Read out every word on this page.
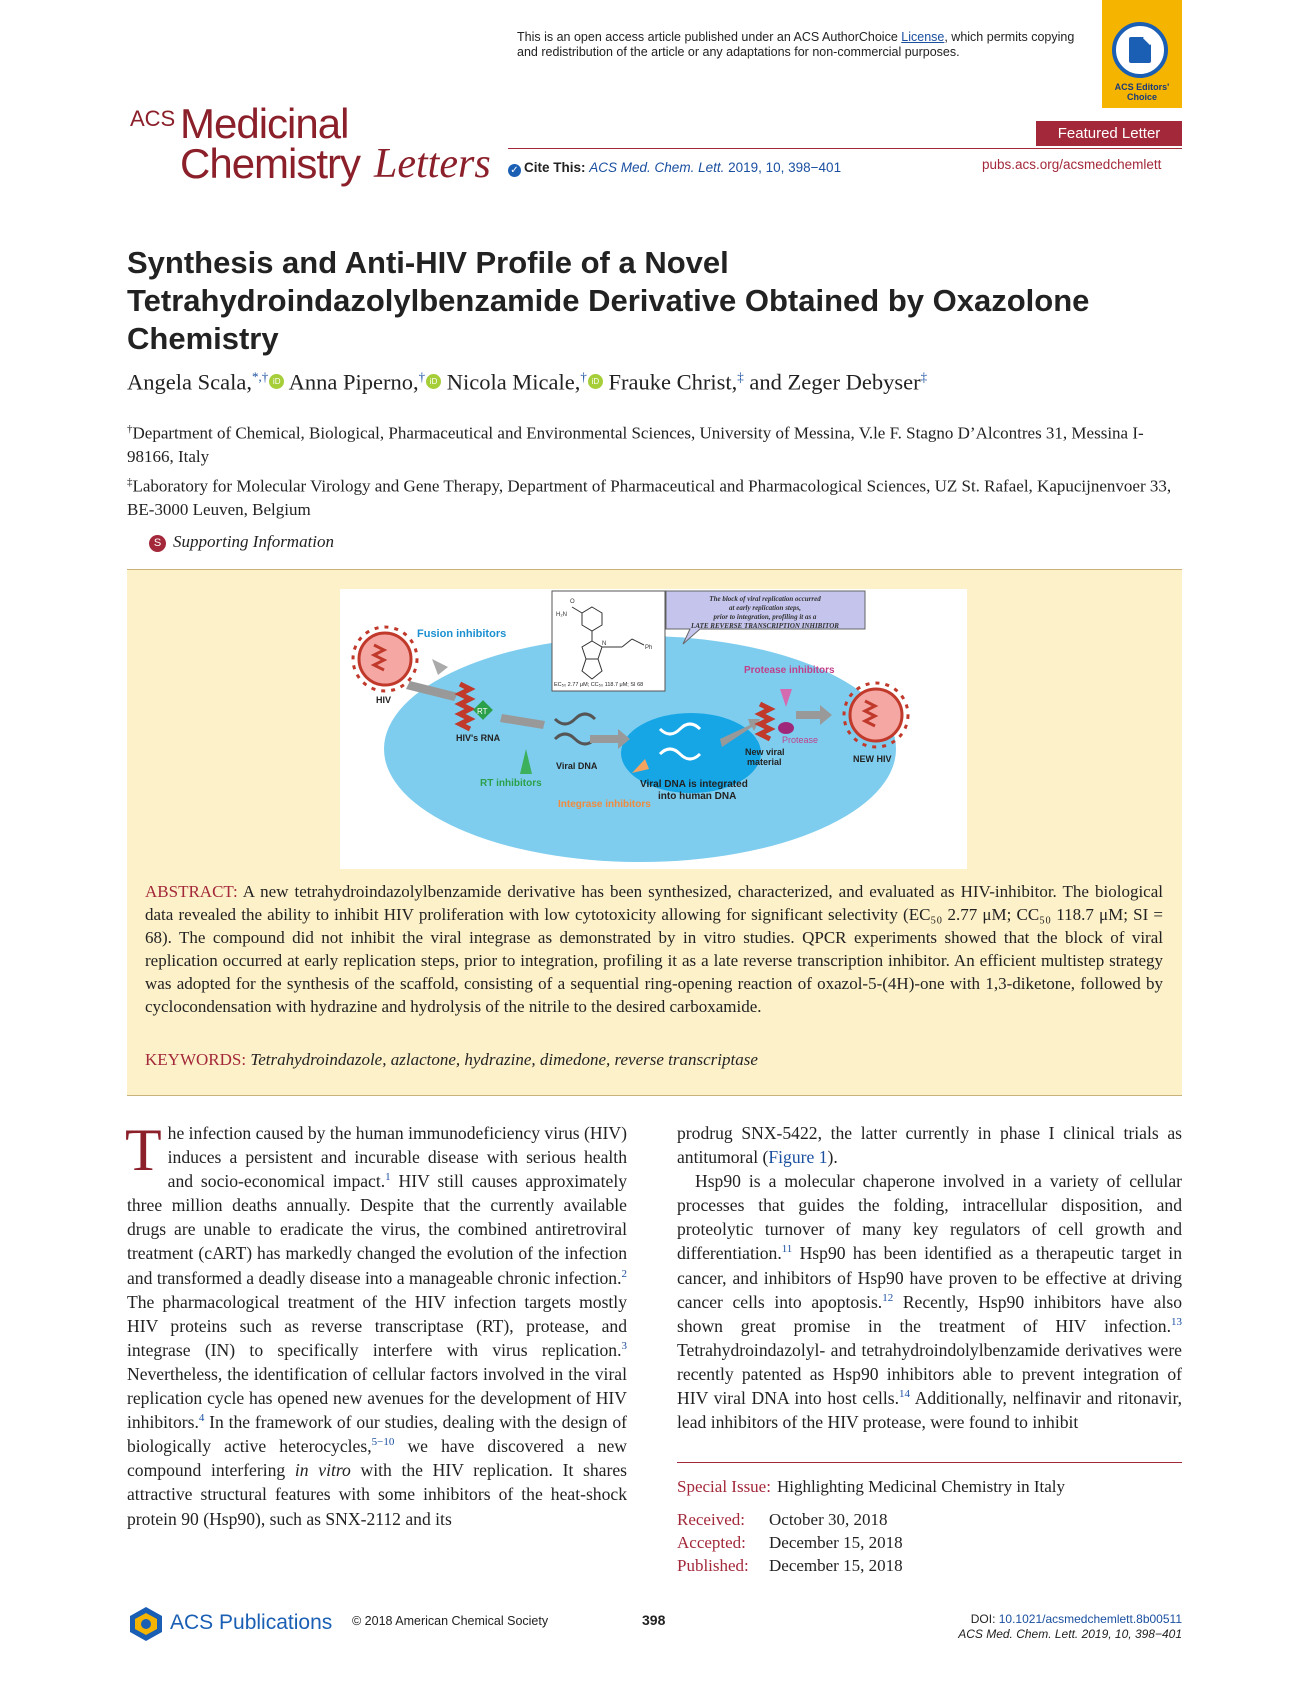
This is an open access article published under an ACS AuthorChoice License, which permits copying and redistribution of the article or any adaptations for non-commercial purposes.
ACS Editors' Choice
ACS Medicinal
Chemistry Letters
Featured Letter
✓ Cite This: ACS Med. Chem. Lett. 2019, 10, 398−401	pubs.acs.org/acsmedchemlett
Synthesis and Anti-HIV Profile of a Novel Tetrahydroindazolylbenzamide Derivative Obtained by Oxazolone Chemistry
Angela Scala,*,† iD Anna Piperno,† iD Nicola Micale,† iD Frauke Christ,‡ and Zeger Debyser‡
†Department of Chemical, Biological, Pharmaceutical and Environmental Sciences, University of Messina, V.le F. Stagno D’Alcontres 31, Messina I-98166, Italy
‡Laboratory for Molecular Virology and Gene Therapy, Department of Pharmaceutical and Pharmacological Sciences, UZ St. Rafael, Kapucijnenvoer 33, BE-3000 Leuven, Belgium
S Supporting Information
HIV
Fusion inhibitors
RT
HIV's RNA
RT inhibitors
Viral DNA
Viral DNA is integrated
into human DNA
Integrase inhibitors
New viral
material
Protease inhibitors
Protease
NEW HIV
H₂N
O
N
Ph
EC₅₀ 2.77 μM; CC₅₀ 118.7 μM; SI 68
The block of viral replication occurred
at early replication steps,
prior to integration, profiling it as a
LATE REVERSE TRANSCRIPTION INHIBITOR
ABSTRACT: A new tetrahydroindazolylbenzamide derivative has been synthesized, characterized, and evaluated as HIV-inhibitor. The biological data revealed the ability to inhibit HIV proliferation with low cytotoxicity allowing for significant selectivity (EC₅₀ 2.77 μM; CC₅₀ 118.7 μM; SI = 68). The compound did not inhibit the viral integrase as demonstrated by in vitro studies. QPCR experiments showed that the block of viral replication occurred at early replication steps, prior to integration, profiling it as a late reverse transcription inhibitor. An efficient multistep strategy was adopted for the synthesis of the scaffold, consisting of a sequential ring-opening reaction of oxazol-5-(4H)-one with 1,3-diketone, followed by cyclocondensation with hydrazine and hydrolysis of the nitrile to the desired carboxamide.
KEYWORDS: Tetrahydroindazole, azlactone, hydrazine, dimedone, reverse transcriptase
The infection caused by the human immunodeficiency virus (HIV) induces a persistent and incurable disease with serious health and socio-economical impact.$^1$ HIV still causes approximately three million deaths annually. Despite that the currently available drugs are unable to eradicate the virus, the combined antiretroviral treatment (cART) has markedly changed the evolution of the infection and transformed a deadly disease into a manageable chronic infection.$^2$ The pharmacological treatment of the HIV infection targets mostly HIV proteins such as reverse transcriptase (RT), protease, and integrase (IN) to specifically interfere with virus replication.$^3$ Nevertheless, the identification of cellular factors involved in the viral replication cycle has opened new avenues for the development of HIV inhibitors.$^4$ In the framework of our studies, dealing with the design of biologically active heterocycles,$^{5-10}$ we have discovered a new compound interfering in vitro with the HIV replication. It shares attractive structural features with some inhibitors of the heat-shock protein 90 (Hsp90), such as SNX-2112 and its
prodrug SNX-5422, the latter currently in phase I clinical trials as antitumoral (Figure 1).
Hsp90 is a molecular chaperone involved in a variety of cellular processes that guides the folding, intracellular disposition, and proteolytic turnover of many key regulators of cell growth and differentiation.$^{11}$ Hsp90 has been identified as a therapeutic target in cancer, and inhibitors of Hsp90 have proven to be effective at driving cancer cells into apoptosis.$^{12}$ Recently, Hsp90 inhibitors have also shown great promise in the treatment of HIV infection.$^{13}$ Tetrahydroindazolyl- and tetrahydroindolylbenzamide derivatives were recently patented as Hsp90 inhibitors able to prevent integration of HIV viral DNA into host cells.$^{14}$ Additionally, nelfinavir and ritonavir, lead inhibitors of the HIV protease, were found to inhibit
Special Issue: Highlighting Medicinal Chemistry in Italy
Received: October 30, 2018
Accepted: December 15, 2018
Published: December 15, 2018
ACS Publications © 2018 American Chemical Society	398	DOI: 10.1021/acsmedchemlett.8b00511
ACS Med. Chem. Lett. 2019, 10, 398−401
